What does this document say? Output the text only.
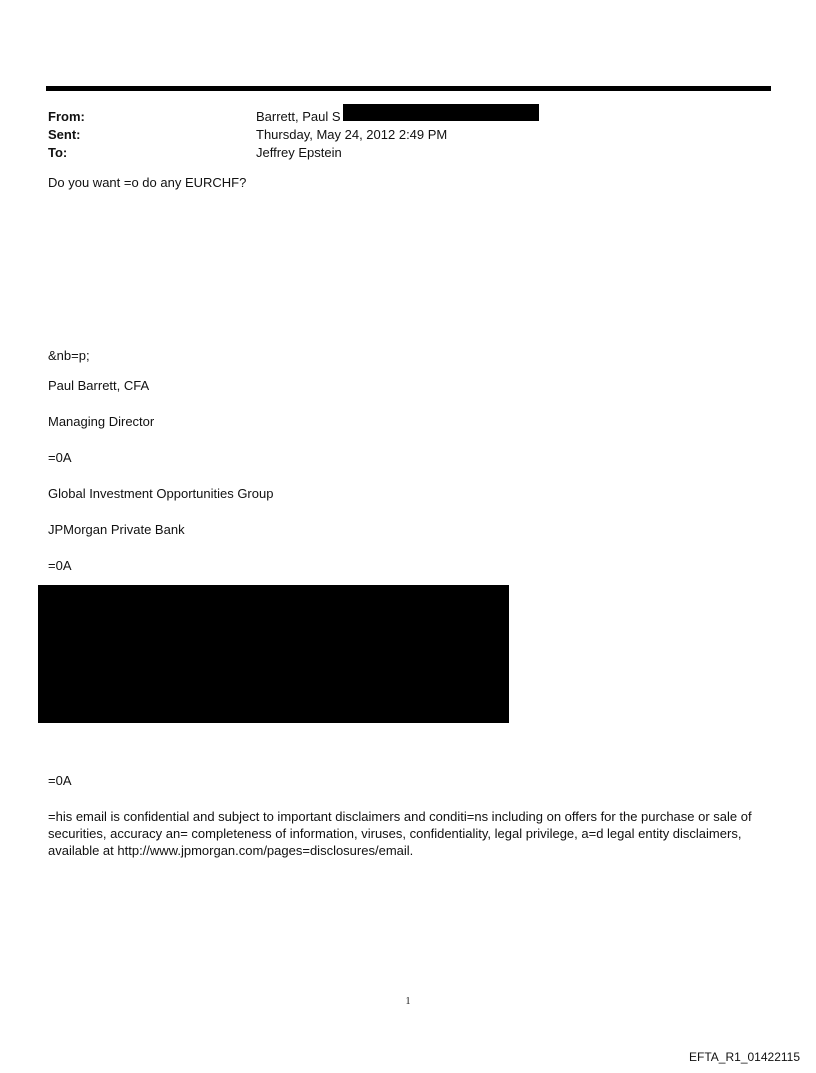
From:	Barrett, Paul S
Sent:	Thursday, May 24, 2012 2:49 PM
To:	Jeffrey Epstein
Do you want =o do any EURCHF?
&nb=p;
Paul Barrett, CFA
Managing Director
=0A
Global Investment Opportunities Group
JPMorgan Private Bank
=0A
=0A
=his email is confidential and subject to important disclaimers and conditi=ns including on offers for the purchase or sale of securities, accuracy an= completeness of information, viruses, confidentiality, legal privilege, a=d legal entity disclaimers, available at http://www.jpmorgan.com/pages=disclosures/email.
1
EFTA_R1_01422115
